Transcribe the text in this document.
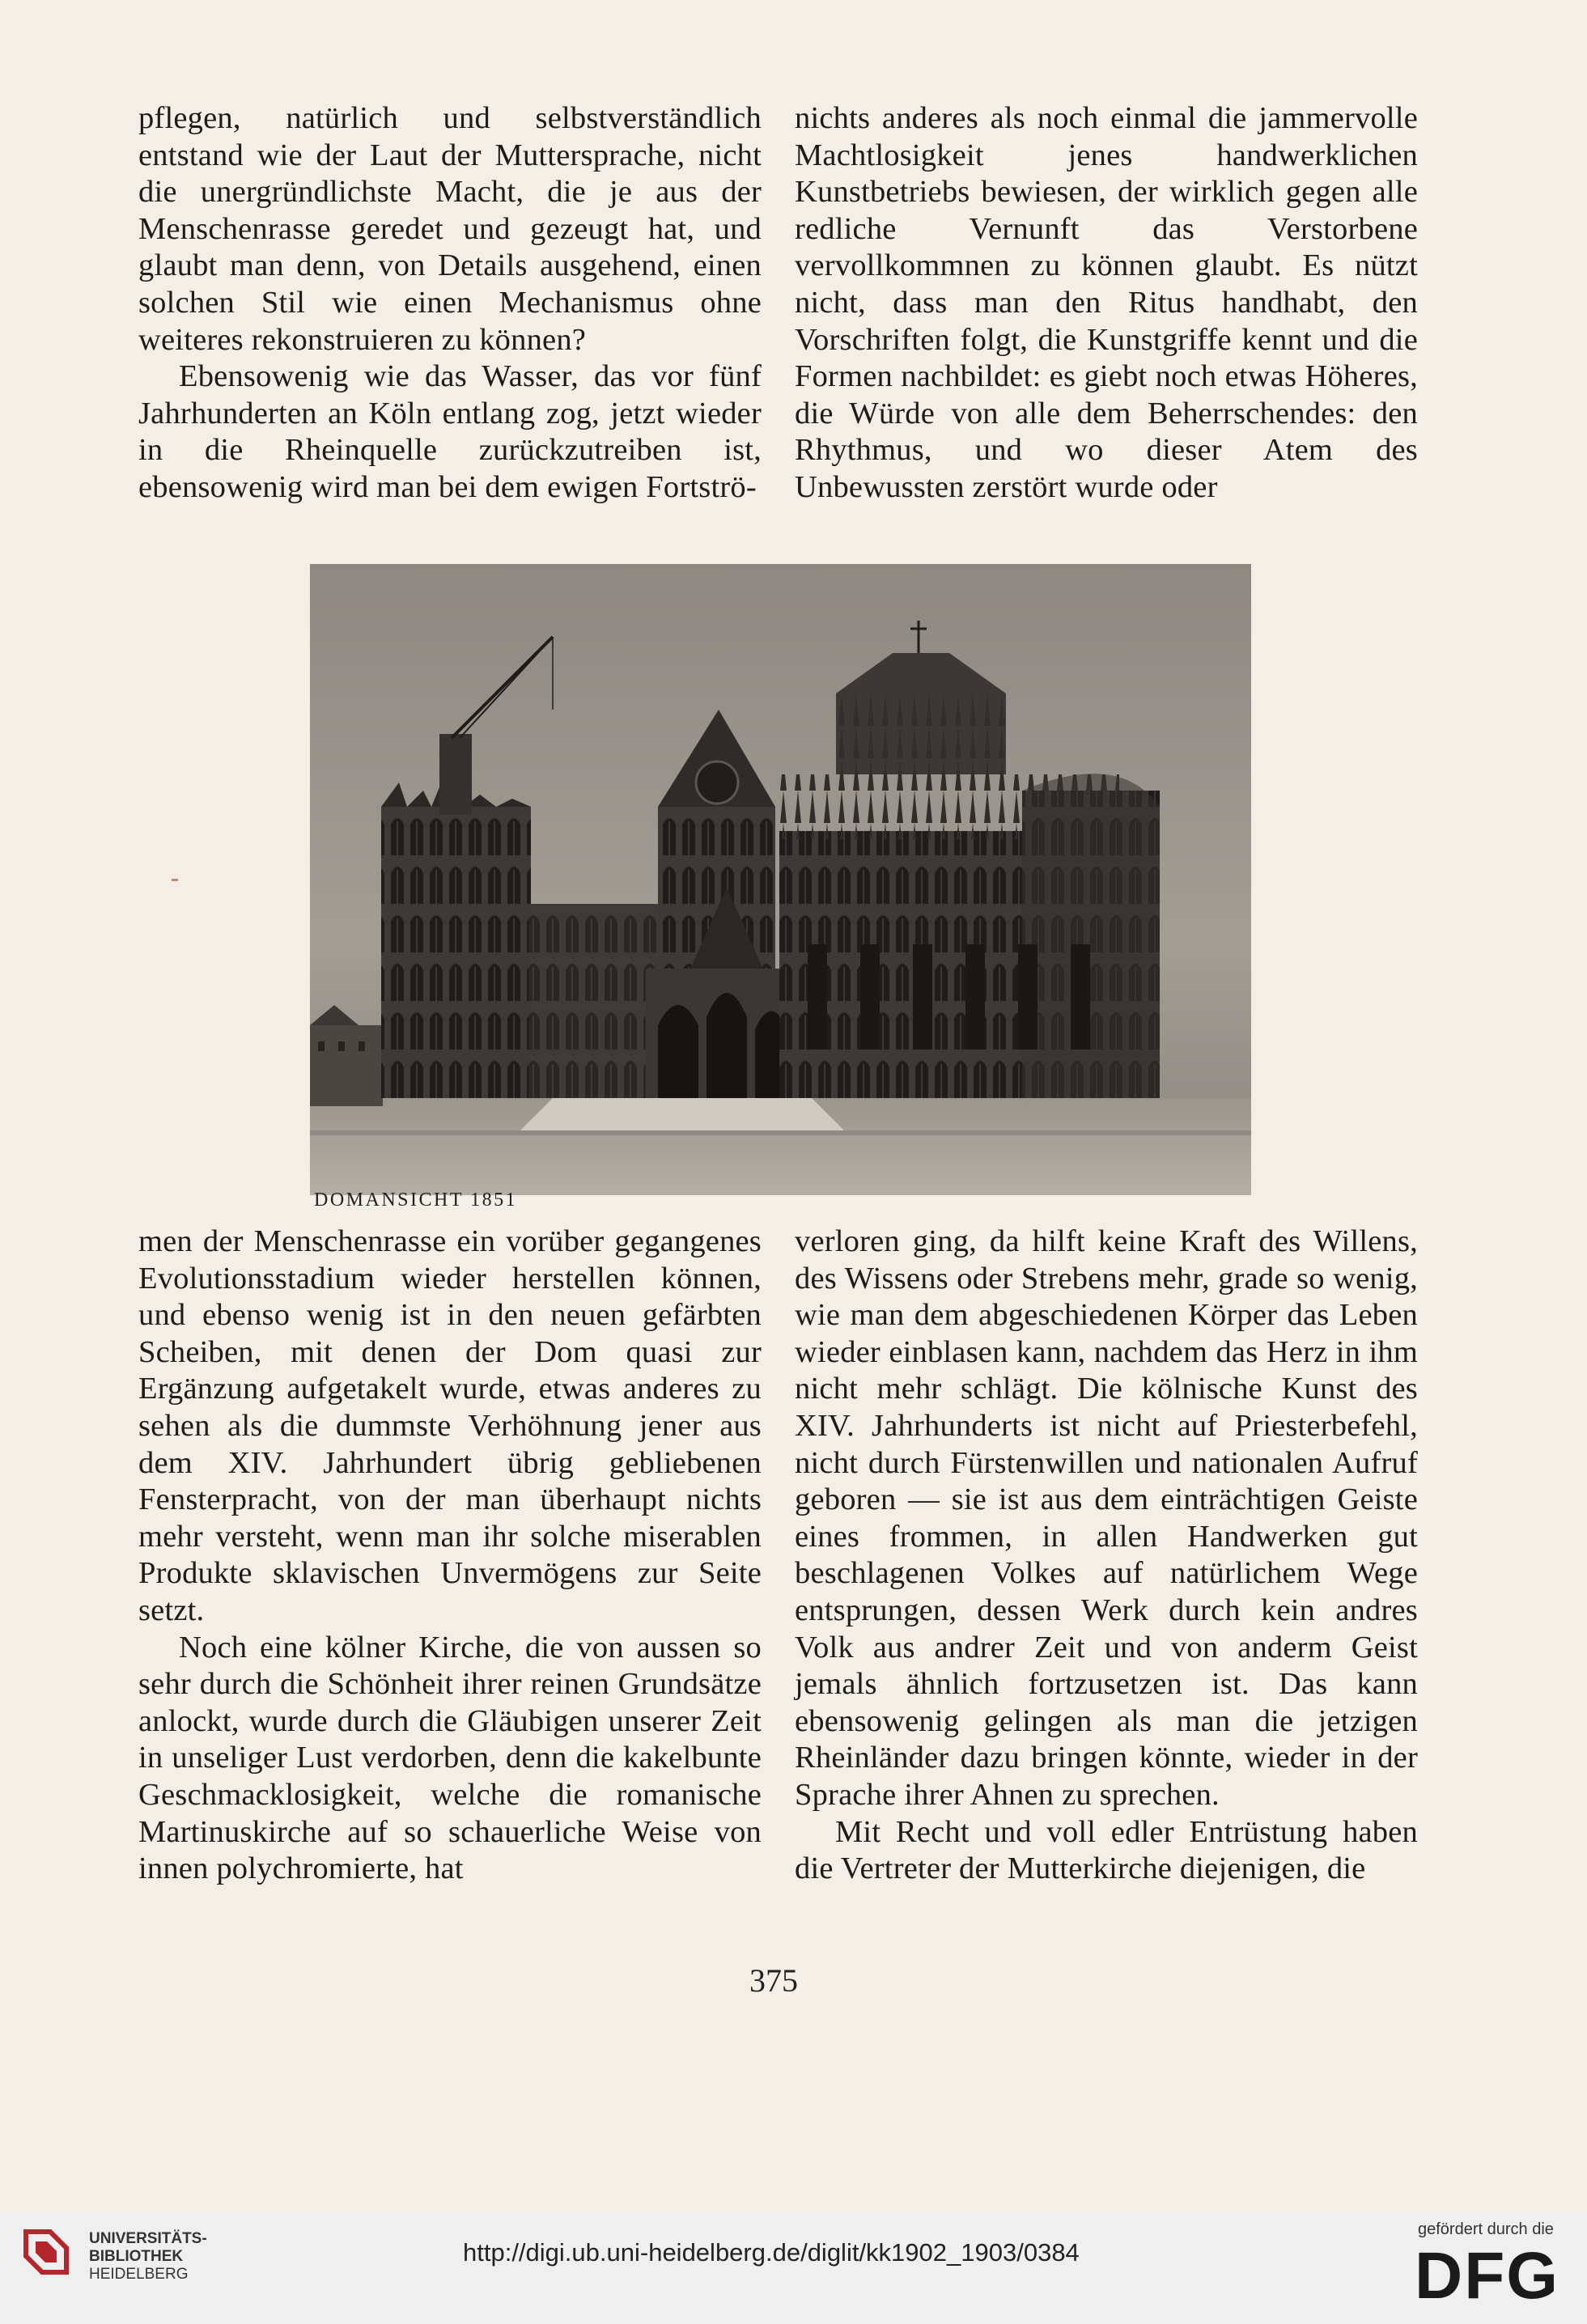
pflegen, natürlich und selbstverständlich entstand wie der Laut der Muttersprache, nicht die unergründlichste Macht, die je aus der Menschenrasse geredet und gezeugt hat, und glaubt man denn, von Details ausgehend, einen solchen Stil wie einen Mechanismus ohne weiteres rekonstruieren zu können?

Ebensowenig wie das Wasser, das vor fünf Jahrhunderten an Köln entlang zog, jetzt wieder in die Rheinquelle zurückzutreiben ist, ebensowenig wird man bei dem ewigen Fortströ-

nichts anderes als noch einmal die jammervolle Machtlosigkeit jenes handwerklichen Kunstbetriebs bewiesen, der wirklich gegen alle redliche Vernunft das Verstorbene vervollkommnen zu können glaubt. Es nützt nicht, dass man den Ritus handhabt, den Vorschriften folgt, die Kunstgriffe kennt und die Formen nachbildet: es giebt noch etwas Höheres, die Würde von alle dem Beherrschendes: den Rhythmus, und wo dieser Atem des Unbewussten zerstört wurde oder

DOMANSICHT 1851

men der Menschenrasse ein vorüber gegangenes Evolutionsstadium wieder herstellen können, und ebenso wenig ist in den neuen gefärbten Scheiben, mit denen der Dom quasi zur Ergänzung aufgetakelt wurde, etwas anderes zu sehen als die dummste Verhöhnung jener aus dem XIV. Jahrhundert übrig gebliebenen Fensterpracht, von der man überhaupt nichts mehr versteht, wenn man ihr solche miserablen Produkte sklavischen Unvermögens zur Seite setzt.

Noch eine kölner Kirche, die von aussen so sehr durch die Schönheit ihrer reinen Grundsätze anlockt, wurde durch die Gläubigen unserer Zeit in unseliger Lust verdorben, denn die kakelbunte Geschmacklosigkeit, welche die romanische Martinuskirche auf so schauerliche Weise von innen polychromierte, hat

verloren ging, da hilft keine Kraft des Willens, des Wissens oder Strebens mehr, grade so wenig, wie man dem abgeschiedenen Körper das Leben wieder einblasen kann, nachdem das Herz in ihm nicht mehr schlägt. Die kölnische Kunst des XIV. Jahrhunderts ist nicht auf Priesterbefehl, nicht durch Fürstenwillen und nationalen Aufruf geboren — sie ist aus dem einträchtigen Geiste eines frommen, in allen Handwerken gut beschlagenen Volkes auf natürlichem Wege entsprungen, dessen Werk durch kein andres Volk aus andrer Zeit und von anderm Geist jemals ähnlich fortzusetzen ist. Das kann ebensowenig gelingen als man die jetzigen Rheinländer dazu bringen könnte, wieder in der Sprache ihrer Ahnen zu sprechen.

Mit Recht und voll edler Entrüstung haben die Vertreter der Mutterkirche diejenigen, die

375
UNIVERSITÄTS-
BIBLIOTHEK
HEIDELBERG
http://digi.ub.uni-heidelberg.de/diglit/kk1902_1903/0384
gefördert durch die
DFG
